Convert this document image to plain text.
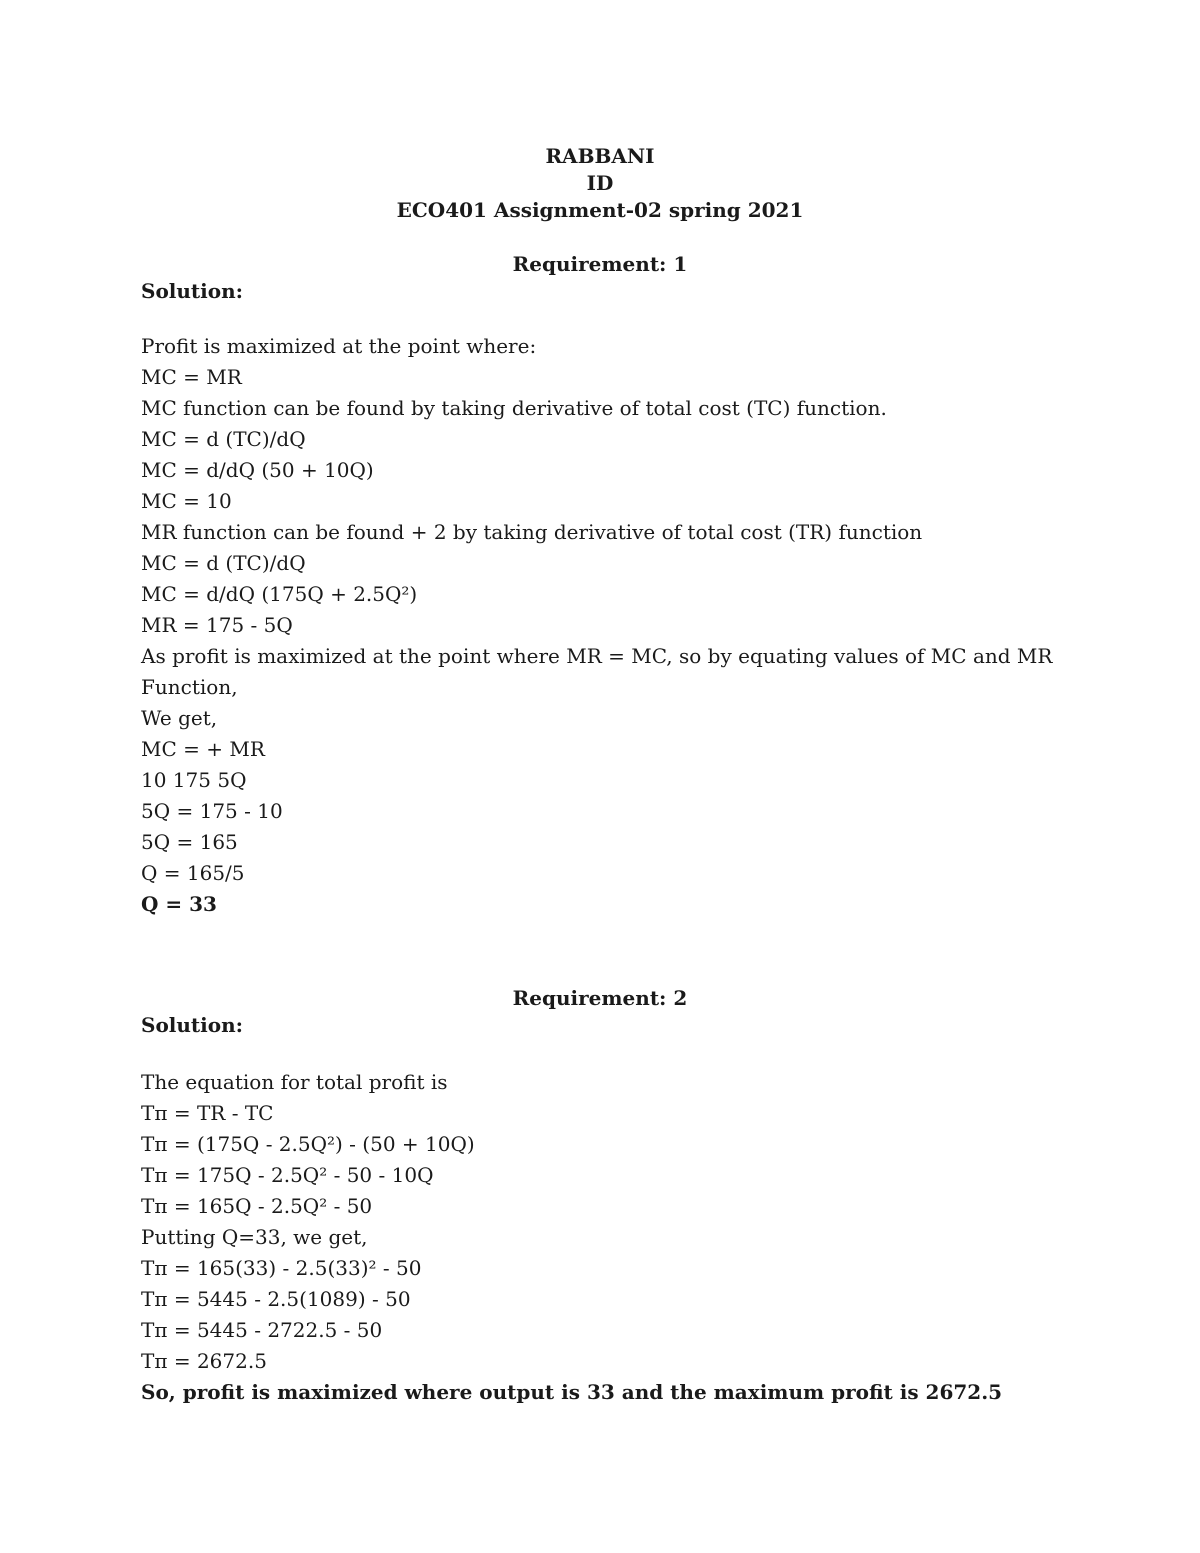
RABBANI
ID
ECO401 Assignment-02 spring 2021
Requirement: 1
Solution:
Profit is maximized at the point where:
MC = MR
MC function can be found by taking derivative of total cost (TC) function.
MC = d (TC)/dQ
MC = d/dQ (50 + 10Q)
MC = 10
MR function can be found + 2 by taking derivative of total cost (TR) function
MC = d (TC)/dQ
MC = d/dQ (175Q + 2.5Q²)
MR = 175 - 5Q
As profit is maximized at the point where MR = MC, so by equating values of MC and MR
Function,
We get,
MC = + MR
10 175 5Q
5Q = 175 - 10
5Q = 165
Q = 165/5
Q = 33
Requirement: 2
Solution:
The equation for total profit is
Tπ = TR - TC
Tπ = (175Q - 2.5Q²) - (50 + 10Q)
Tπ = 175Q - 2.5Q² - 50 - 10Q
Tπ = 165Q - 2.5Q² - 50
Putting Q=33, we get,
Tπ = 165(33) - 2.5(33)² - 50
Tπ = 5445 - 2.5(1089) - 50
Tπ = 5445 - 2722.5 - 50
Tπ = 2672.5
So, profit is maximized where output is 33 and the maximum profit is 2672.5
